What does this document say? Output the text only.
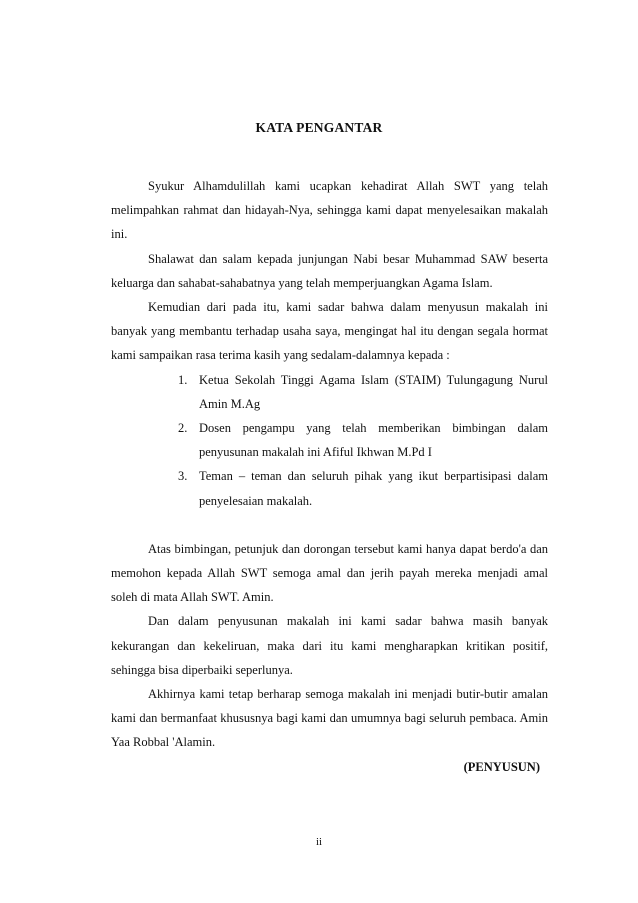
KATA PENGANTAR

Syukur Alhamdulillah kami ucapkan kehadirat Allah SWT yang telah melimpahkan rahmat dan hidayah-Nya, sehingga kami dapat menyelesaikan makalah ini.

Shalawat dan salam kepada junjungan Nabi besar Muhammad SAW beserta keluarga dan sahabat-sahabatnya yang telah memperjuangkan Agama Islam.

Kemudian dari pada itu, kami sadar bahwa dalam menyusun makalah ini banyak yang membantu terhadap usaha saya, mengingat hal itu dengan segala hormat kami sampaikan rasa terima kasih yang sedalam-dalamnya kepada :

1. Ketua Sekolah Tinggi Agama Islam (STAIM) Tulungagung Nurul Amin M.Ag
2. Dosen pengampu yang telah memberikan bimbingan dalam penyusunan makalah ini Afiful Ikhwan M.Pd I
3. Teman – teman dan seluruh pihak yang ikut berpartisipasi dalam penyelesaian makalah.

Atas bimbingan, petunjuk dan dorongan tersebut kami hanya dapat berdo'a dan memohon kepada Allah SWT semoga amal dan jerih payah mereka menjadi amal soleh di mata Allah SWT. Amin.

Dan dalam penyusunan makalah ini kami sadar bahwa masih banyak kekurangan dan kekeliruan, maka dari itu kami mengharapkan kritikan positif, sehingga bisa diperbaiki seperlunya.

Akhirnya kami tetap berharap semoga makalah ini menjadi butir-butir amalan kami dan bermanfaat khususnya bagi kami dan umumnya bagi seluruh pembaca. Amin Yaa Robbal 'Alamin.

(PENYUSUN)

ii
